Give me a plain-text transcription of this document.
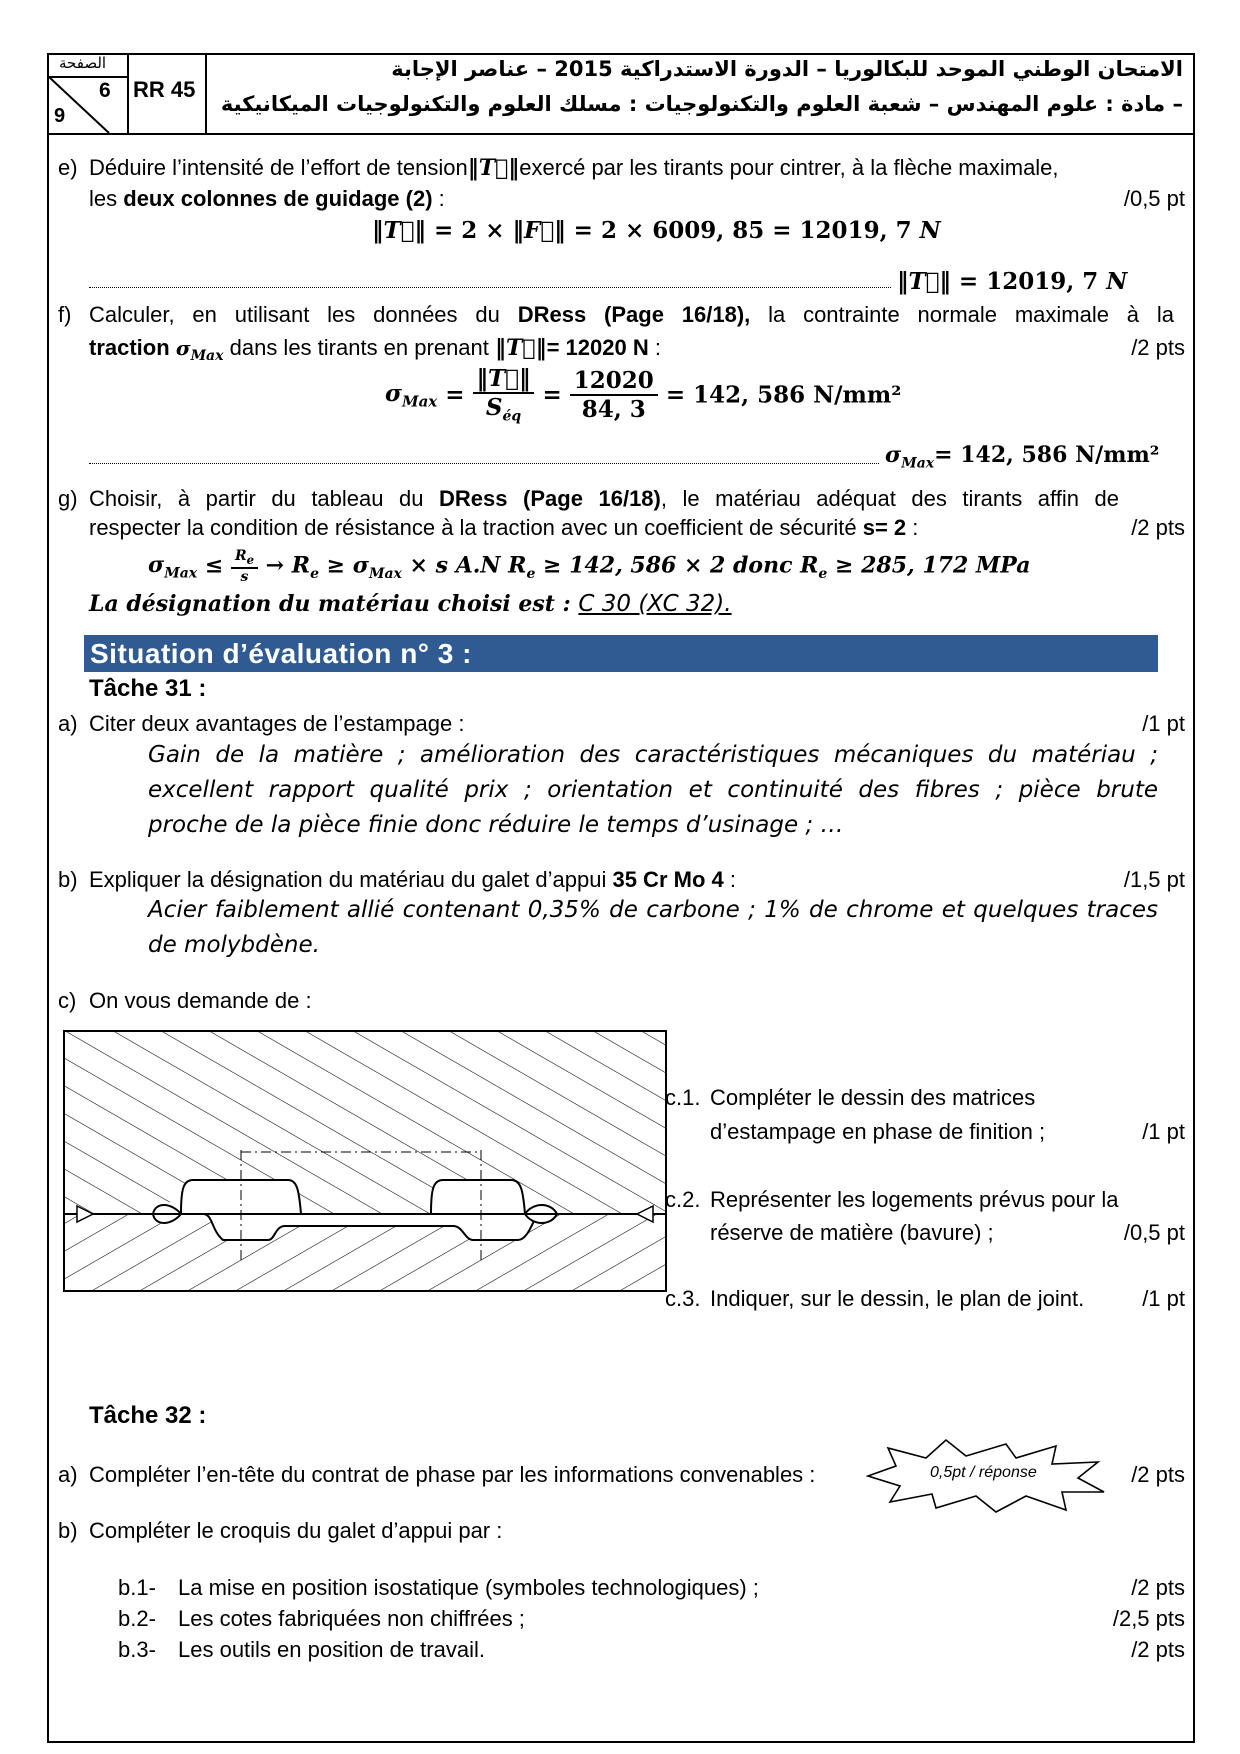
الصفحة
6
9
RR 45
الامتحان الوطني الموحد للبكالوريا – الدورة الاستدراكية 2015 – عناصر الإجابة
– مادة : علوم المهندس – شعبة العلوم والتكنولوجيات : مسلك العلوم والتكنولوجيات الميكانيكية
e) Déduire l’intensité de l’effort de tension‖T⃗‖exercé par les tirants pour cintrer, à la flèche maximale,
les deux colonnes de guidage (2) :	/0,5 pt
‖T⃗‖ = 2 × ‖F⃗‖ = 2 × 6009, 85 = 12019, 7 N
‖T⃗‖ = 12019, 7 N
f) Calculer, en utilisant les données du DRess (Page 16/18), la contrainte normale maximale à la
traction $\sigma_{Max}$ dans les tirants en prenant ‖T⃗‖= 12020 N :	/2 pts
$\sigma_{Max} = \frac{‖T⃗‖}{S_{éq}} = \frac{12020}{84, 3} = 142$, 586 N/mm²
$\sigma_{Max}= 142$, 586 N/mm²
g) Choisir, à partir du tableau du DRess (Page 16/18), le matériau adéquat des tirants affin de
respecter la condition de résistance à la traction avec un coefficient de sécurité s= 2 :	/2 pts
$\sigma_{Max} \le \frac{R_e}{s} \to R_e \ge \sigma_{Max} \times s$ A.N $R_e \ge 142$, 586 × 2 donc $R_e \ge 285$, 172 MPa
La désignation du matériau choisi est : C 30 (XC 32).
Situation d’évaluation n° 3 :
Tâche 31 :
a) Citer deux avantages de l’estampage :	/1 pt
Gain de la matière ; amélioration des caractéristiques mécaniques du matériau ;
excellent rapport qualité prix ; orientation et continuité des fibres ; pièce brute
proche de la pièce finie donc réduire le temps d’usinage ; …
b) Expliquer la désignation du matériau du galet d’appui 35 Cr Mo 4 :	/1,5 pt
Acier faiblement allié contenant 0,35% de carbone ; 1% de chrome et quelques traces
de molybdène.
c) On vous demande de :
c.1. Compléter le dessin des matrices
d’estampage en phase de finition ;	/1 pt
c.2. Représenter les logements prévus pour la
réserve de matière (bavure) ;	/0,5 pt
c.3. Indiquer, sur le dessin, le plan de joint.	/1 pt
Tâche 32 :
a) Compléter l’en-tête du contrat de phase par les informations convenables :	0,5pt / réponse	/2 pts
b) Compléter le croquis du galet d’appui par :
b.1- La mise en position isostatique (symboles technologiques) ;	/2 pts
b.2- Les cotes fabriquées non chiffrées ;	/2,5 pts
b.3- Les outils en position de travail.	/2 pts
